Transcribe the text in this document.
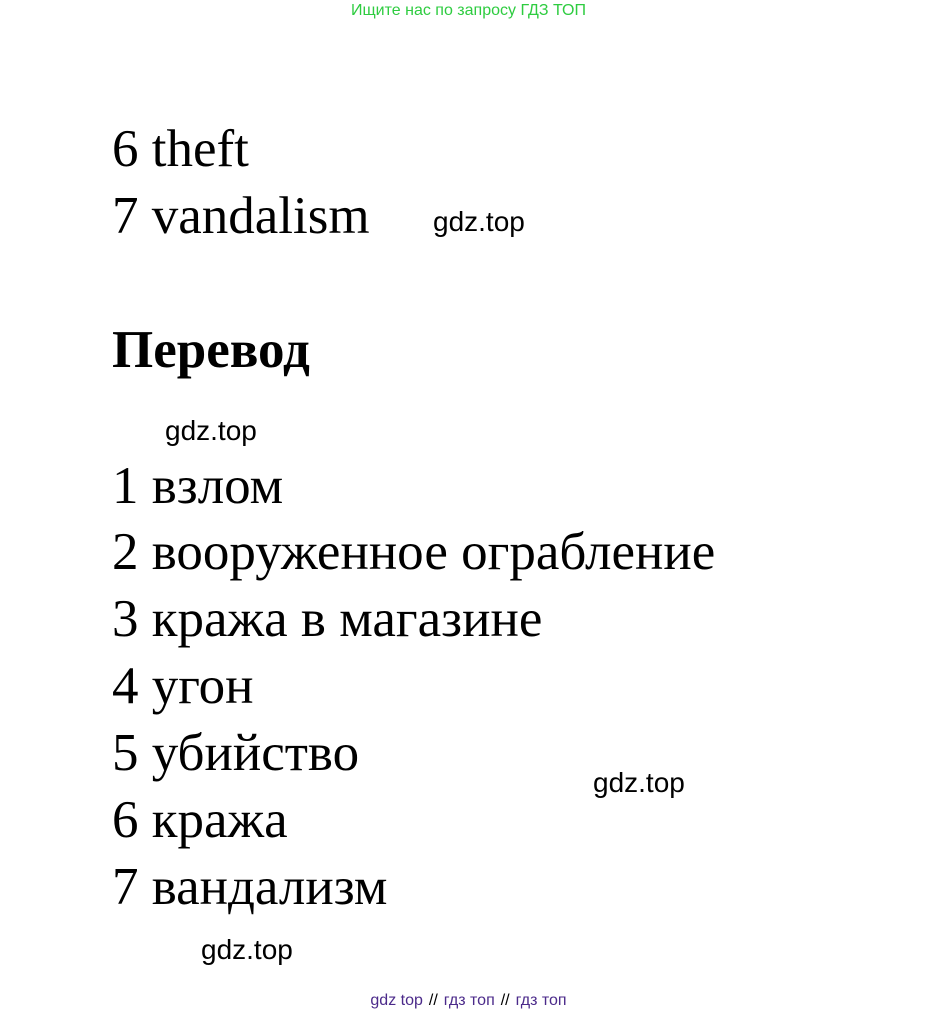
Ищите нас по запросу ГДЗ ТОП
6 theft
7 vandalism gdz.top
Перевод
gdz.top
1 взлом
2 вооруженное ограбление
3 кража в магазине
4 угон
5 убийство
gdz.top
6 кража
7 вандализм
gdz.top
gdz top // гдз топ // гдз топ
